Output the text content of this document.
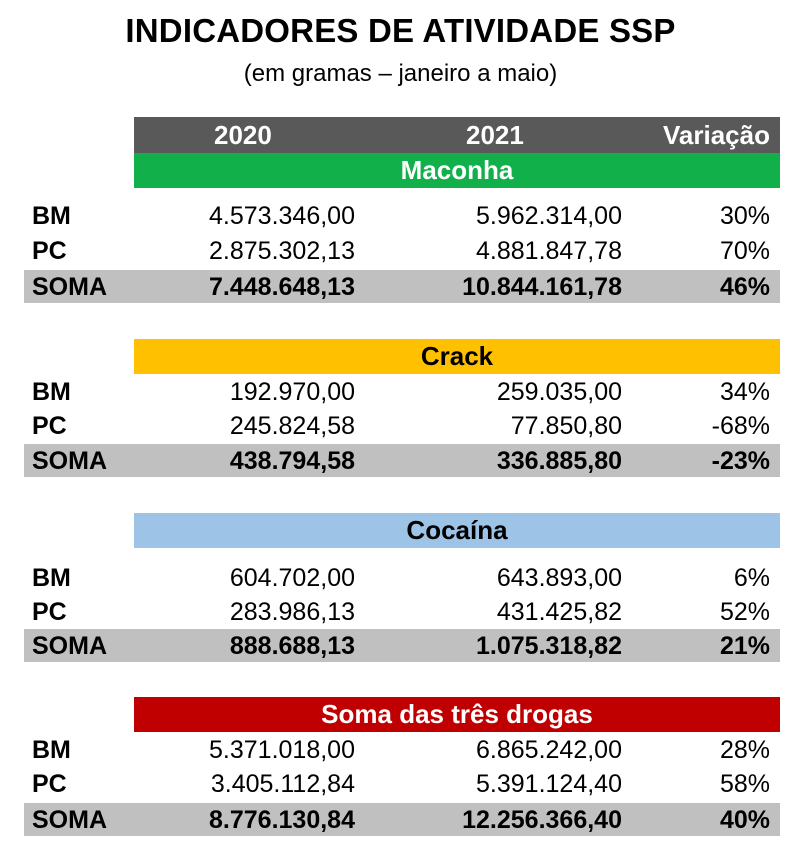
INDICADORES DE ATIVIDADE SSP
(em gramas – janeiro a maio)
2020	2021	Variação
Maconha
BM	4.573.346,00	5.962.314,00	30%
PC	2.875.302,13	4.881.847,78	70%
SOMA	7.448.648,13	10.844.161,78	46%
Crack
BM	192.970,00	259.035,00	34%
PC	245.824,58	77.850,80	-68%
SOMA	438.794,58	336.885,80	-23%
Cocaína
BM	604.702,00	643.893,00	6%
PC	283.986,13	431.425,82	52%
SOMA	888.688,13	1.075.318,82	21%
Soma das três drogas
BM	5.371.018,00	6.865.242,00	28%
PC	3.405.112,84	5.391.124,40	58%
SOMA	8.776.130,84	12.256.366,40	40%
